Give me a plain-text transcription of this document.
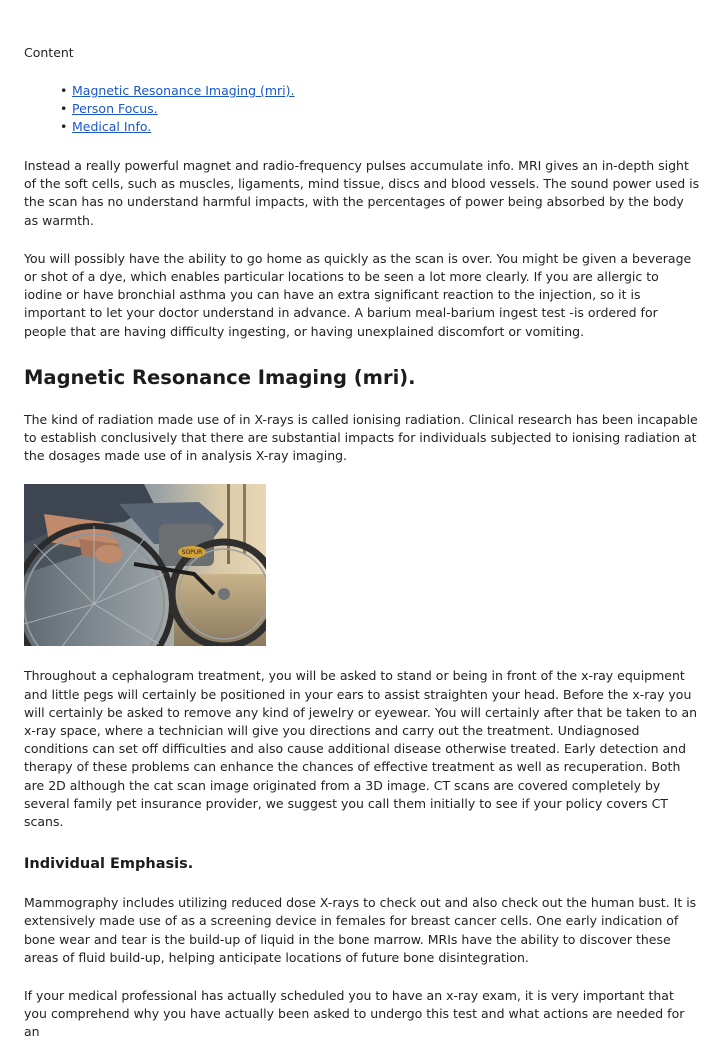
Content

• Magnetic Resonance Imaging (mri).
• Person Focus.
• Medical Info.

Instead a really powerful magnet and radio-frequency pulses accumulate info. MRI gives an in-depth sight of the soft cells, such as muscles, ligaments, mind tissue, discs and blood vessels. The sound power used is the scan has no understand harmful impacts, with the percentages of power being absorbed by the body as warmth.

You will possibly have the ability to go home as quickly as the scan is over. You might be given a beverage or shot of a dye, which enables particular locations to be seen a lot more clearly. If you are allergic to iodine or have bronchial asthma you can have an extra significant reaction to the injection, so it is important to let your doctor understand in advance. A barium meal-barium ingest test -is ordered for people that are having difficulty ingesting, or having unexplained discomfort or vomiting.

Magnetic Resonance Imaging (mri).

The kind of radiation made use of in X-rays is called ionising radiation. Clinical research has been incapable to establish conclusively that there are substantial impacts for individuals subjected to ionising radiation at the dosages made use of in analysis X-ray imaging.

SOPUR

Throughout a cephalogram treatment, you will be asked to stand or being in front of the x-ray equipment and little pegs will certainly be positioned in your ears to assist straighten your head. Before the x-ray you will certainly be asked to remove any kind of jewelry or eyewear. You will certainly after that be taken to an x-ray space, where a technician will give you directions and carry out the treatment. Undiagnosed conditions can set off difficulties and also cause additional disease otherwise treated. Early detection and therapy of these problems can enhance the chances of effective treatment as well as recuperation. Both are 2D although the cat scan image originated from a 3D image. CT scans are covered completely by several family pet insurance provider, we suggest you call them initially to see if your policy covers CT scans.

Individual Emphasis.

Mammography includes utilizing reduced dose X-rays to check out and also check out the human bust. It is extensively made use of as a screening device in females for breast cancer cells. One early indication of bone wear and tear is the build-up of liquid in the bone marrow. MRIs have the ability to discover these areas of fluid build-up, helping anticipate locations of future bone disintegration.

If your medical professional has actually scheduled you to have an x-ray exam, it is very important that you comprehend why you have actually been asked to undergo this test and what actions are needed for an
